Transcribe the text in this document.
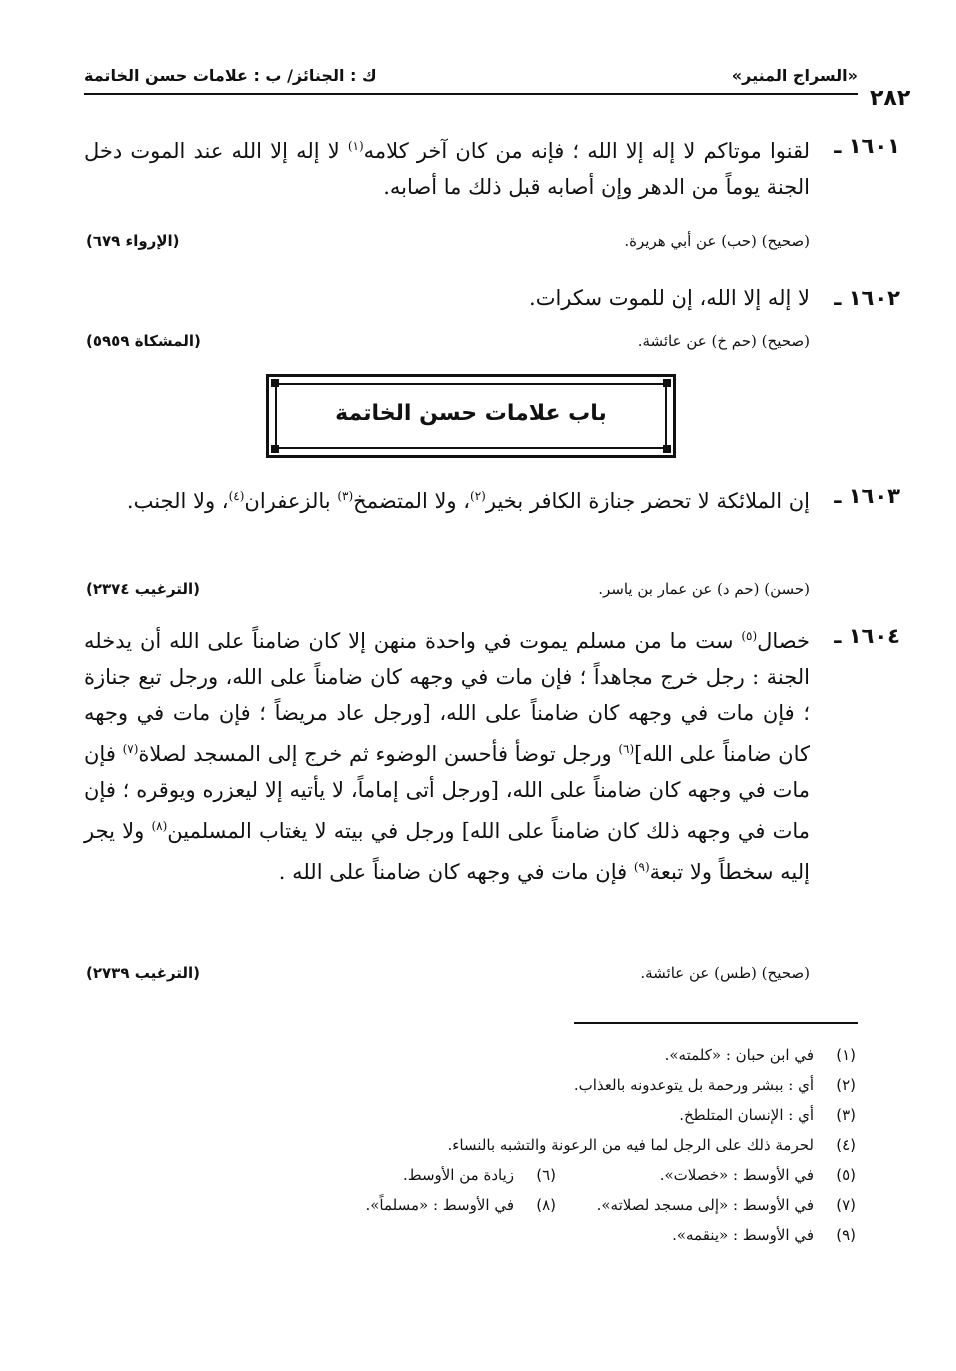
«السراج المنير»
ك : الجنائز/ ب : علامات حسن الخاتمة
٢٨٢
١٦٠١ ـ
لقنوا موتاكم لا إله إلا الله ؛ فإنه من كان آخر كلامه$^{(١)}$ لا إله إلا الله عند الموت دخل الجنة يوماً من الدهر وإن أصابه قبل ذلك ما أصابه.
(صحيح) (حب) عن أبي هريرة.
(الإرواء ٦٧٩)
١٦٠٢ ـ
لا إله إلا الله، إن للموت سكرات.
(صحيح) (حم خ) عن عائشة.
(المشكاة ٥٩٥٩)
باب علامات حسن الخاتمة
١٦٠٣ ـ
إن الملائكة لا تحضر جنازة الكافر بخير$^{(٢)}$، ولا المتضمخ$^{(٣)}$ بالزعفران$^{(٤)}$، ولا الجنب.
(حسن) (حم د) عن عمار بن ياسر.
(الترغيب ٢٣٧٤)
١٦٠٤ ـ
خصال$^{(٥)}$ ست ما من مسلم يموت في واحدة منهن إلا كان ضامناً على الله أن يدخله الجنة : رجل خرج مجاهداً ؛ فإن مات في وجهه كان ضامناً على الله، ورجل تبع جنازة ؛ فإن مات في وجهه كان ضامناً على الله، [ورجل عاد مريضاً ؛ فإن مات في وجهه كان ضامناً على الله]$^{(٦)}$ ورجل توضأ فأحسن الوضوء ثم خرج إلى المسجد لصلاة$^{(٧)}$ فإن مات في وجهه كان ضامناً على الله، [ورجل أتى إماماً، لا يأتيه إلا ليعزره ويوقره ؛ فإن مات في وجهه ذلك كان ضامناً على الله] ورجل في بيته لا يغتاب المسلمين$^{(٨)}$ ولا يجر إليه سخطاً ولا تبعة$^{(٩)}$ فإن مات في وجهه كان ضامناً على الله .
(صحيح) (طس) عن عائشة.
(الترغيب ٢٧٣٩)
(١)في ابن حبان : «كلمته».
(٢)أي : ببشر ورحمة بل يتوعدونه بالعذاب.
(٣)أي : الإنسان المتلطخ.
(٤)لحرمة ذلك على الرجل لما فيه من الرعونة والتشبه بالنساء.
(٥)في الأوسط : «خصلات».
(٦)زيادة من الأوسط.
(٧)في الأوسط : «إلى مسجد لصلاته».
(٨)في الأوسط : «مسلماً».
(٩)في الأوسط : «ينقمه».
